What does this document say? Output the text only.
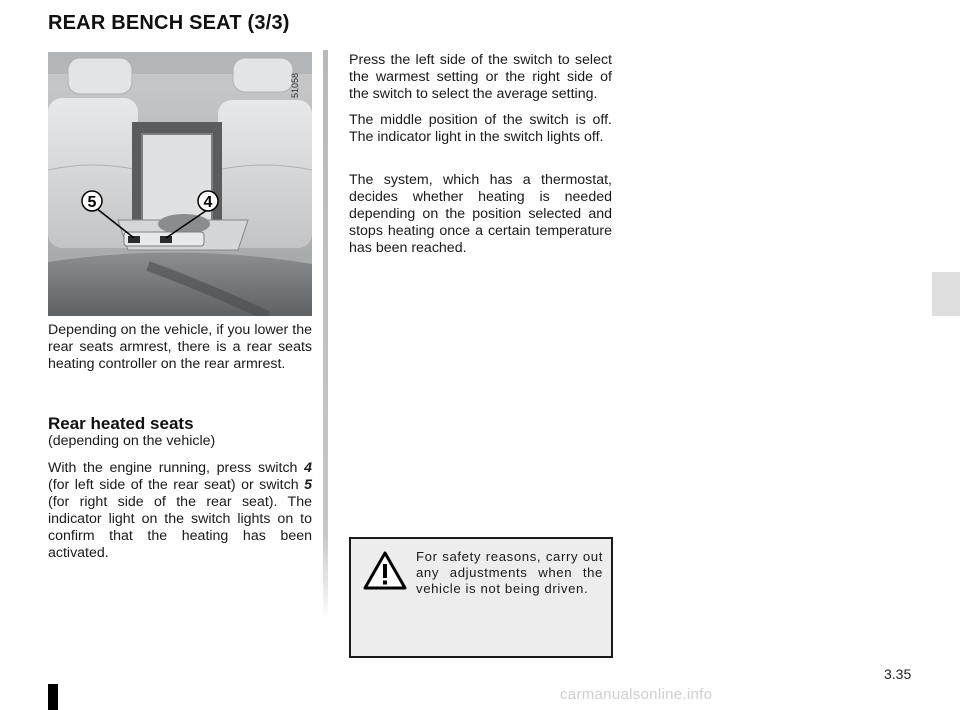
REAR BENCH SEAT (3/3)
5	4
51058

Depending on the vehicle, if you lower the rear seats armrest, there is a rear seats heating controller on the rear armrest.

Rear heated seats

(depending on the vehicle)

With the engine running, press switch 4 (for left side of the rear seat) or switch 5 (for right side of the rear seat). The indicator light on the switch lights on to confirm that the heating has been activated.

Press the left side of the switch to select the warmest setting or the right side of the switch to select the average setting.

The middle position of the switch is off. The indicator light in the switch lights off.

The system, which has a thermostat, decides whether heating is needed depending on the position selected and stops heating once a certain temperature has been reached.

For safety reasons, carry out any adjustments when the vehicle is not being driven.

3.35
carmanualsonline.info
